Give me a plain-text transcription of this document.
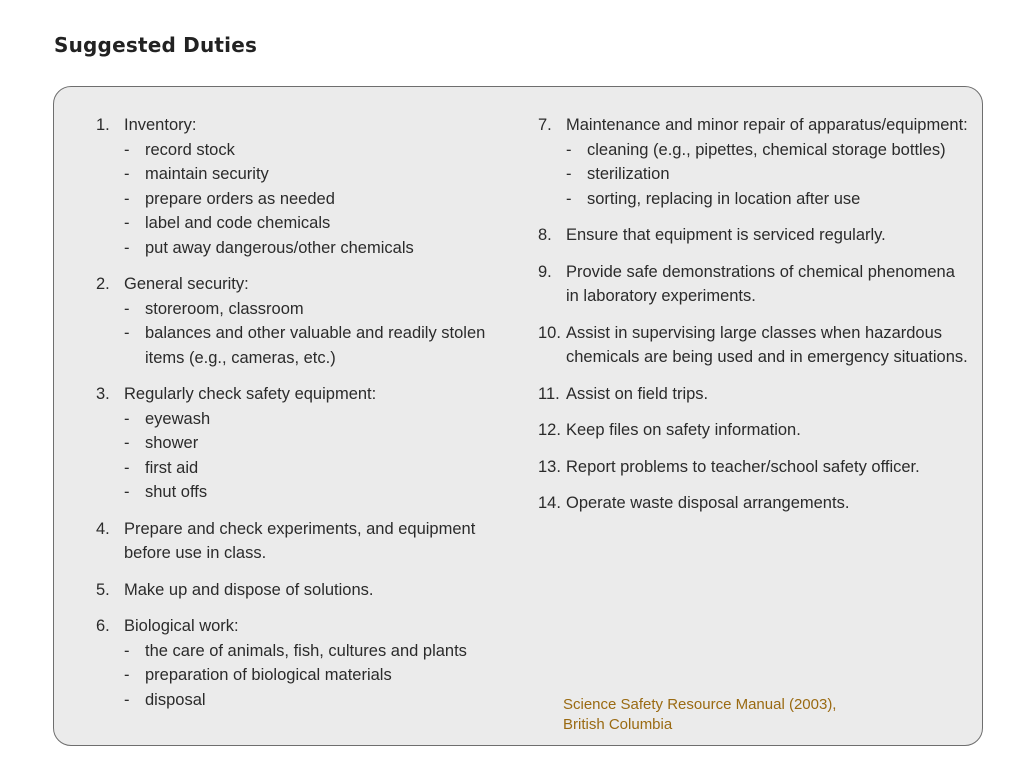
Suggested Duties
1. Inventory:
- record stock
- maintain security
- prepare orders as needed
- label and code chemicals
- put away dangerous/other chemicals
2. General security:
- storeroom, classroom
- balances and other valuable and readily stolen items (e.g., cameras, etc.)
3. Regularly check safety equipment:
- eyewash
- shower
- first aid
- shut offs
4. Prepare and check experiments, and equipment before use in class.
5. Make up and dispose of solutions.
6. Biological work:
- the care of animals, fish, cultures and plants
- preparation of biological materials
- disposal
7. Maintenance and minor repair of apparatus/equipment:
- cleaning (e.g., pipettes, chemical storage bottles)
- sterilization
- sorting, replacing in location after use
8. Ensure that equipment is serviced regularly.
9. Provide safe demonstrations of chemical phenomena in laboratory experiments.
10. Assist in supervising large classes when hazardous chemicals are being used and in emergency situations.
11. Assist on field trips.
12. Keep files on safety information.
13. Report problems to teacher/school safety officer.
14. Operate waste disposal arrangements.
Science Safety Resource Manual (2003),
British Columbia
